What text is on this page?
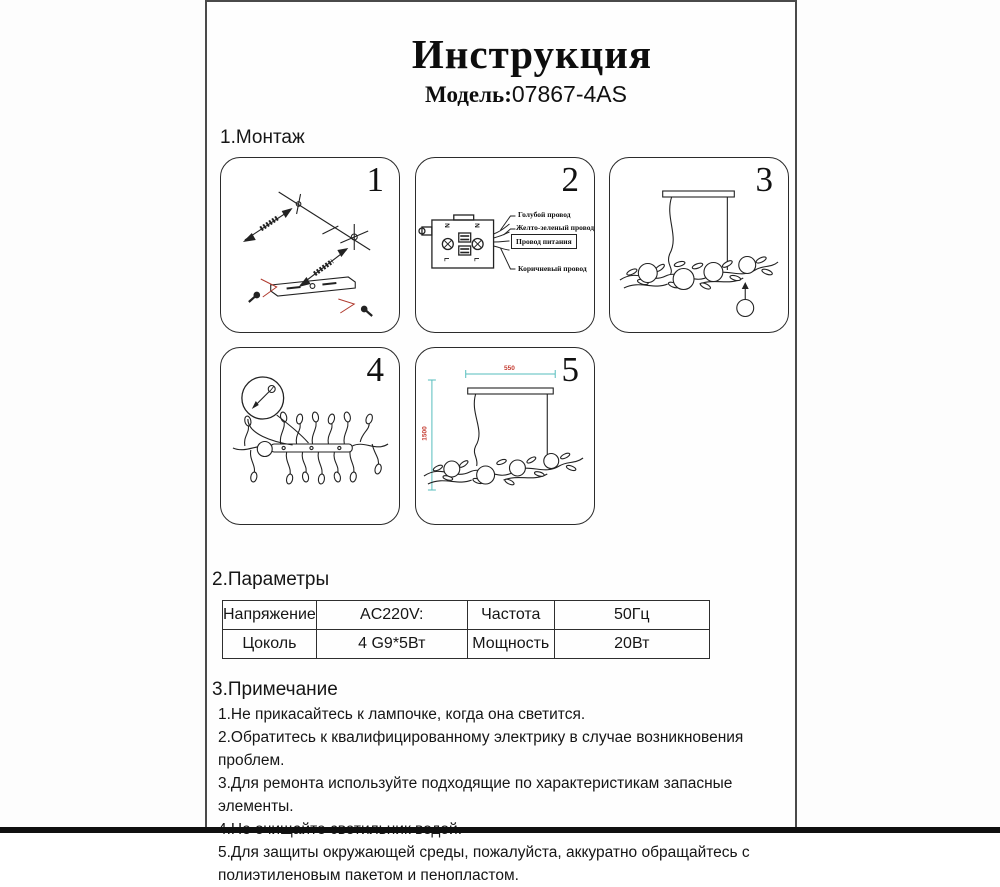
Инструкция
Модель:07867-4AS
1.Монтаж
1
N
L
N
L
Голубой провод
Желто-зеленый провод
Провод питания
Коричневый провод
2	3
4	550
1500
5
2.Параметры
3.Примечание
Напряжение	AC220V:	Частота	50Гц
Цоколь	4 G9*5Вт	Мощность	20Вт
1.Не прикасайтесь к лампочке, когда она светится.
2.Обратитесь к квалифицированному электрику в случае возникновения проблем.
3.Для ремонта используйте подходящие по характеристикам запасные элементы.
5.Для защиты окружающей среды, пожалуйста, аккуратно обращайтесь с полиэтиленовым пакетом и пенопластом.
